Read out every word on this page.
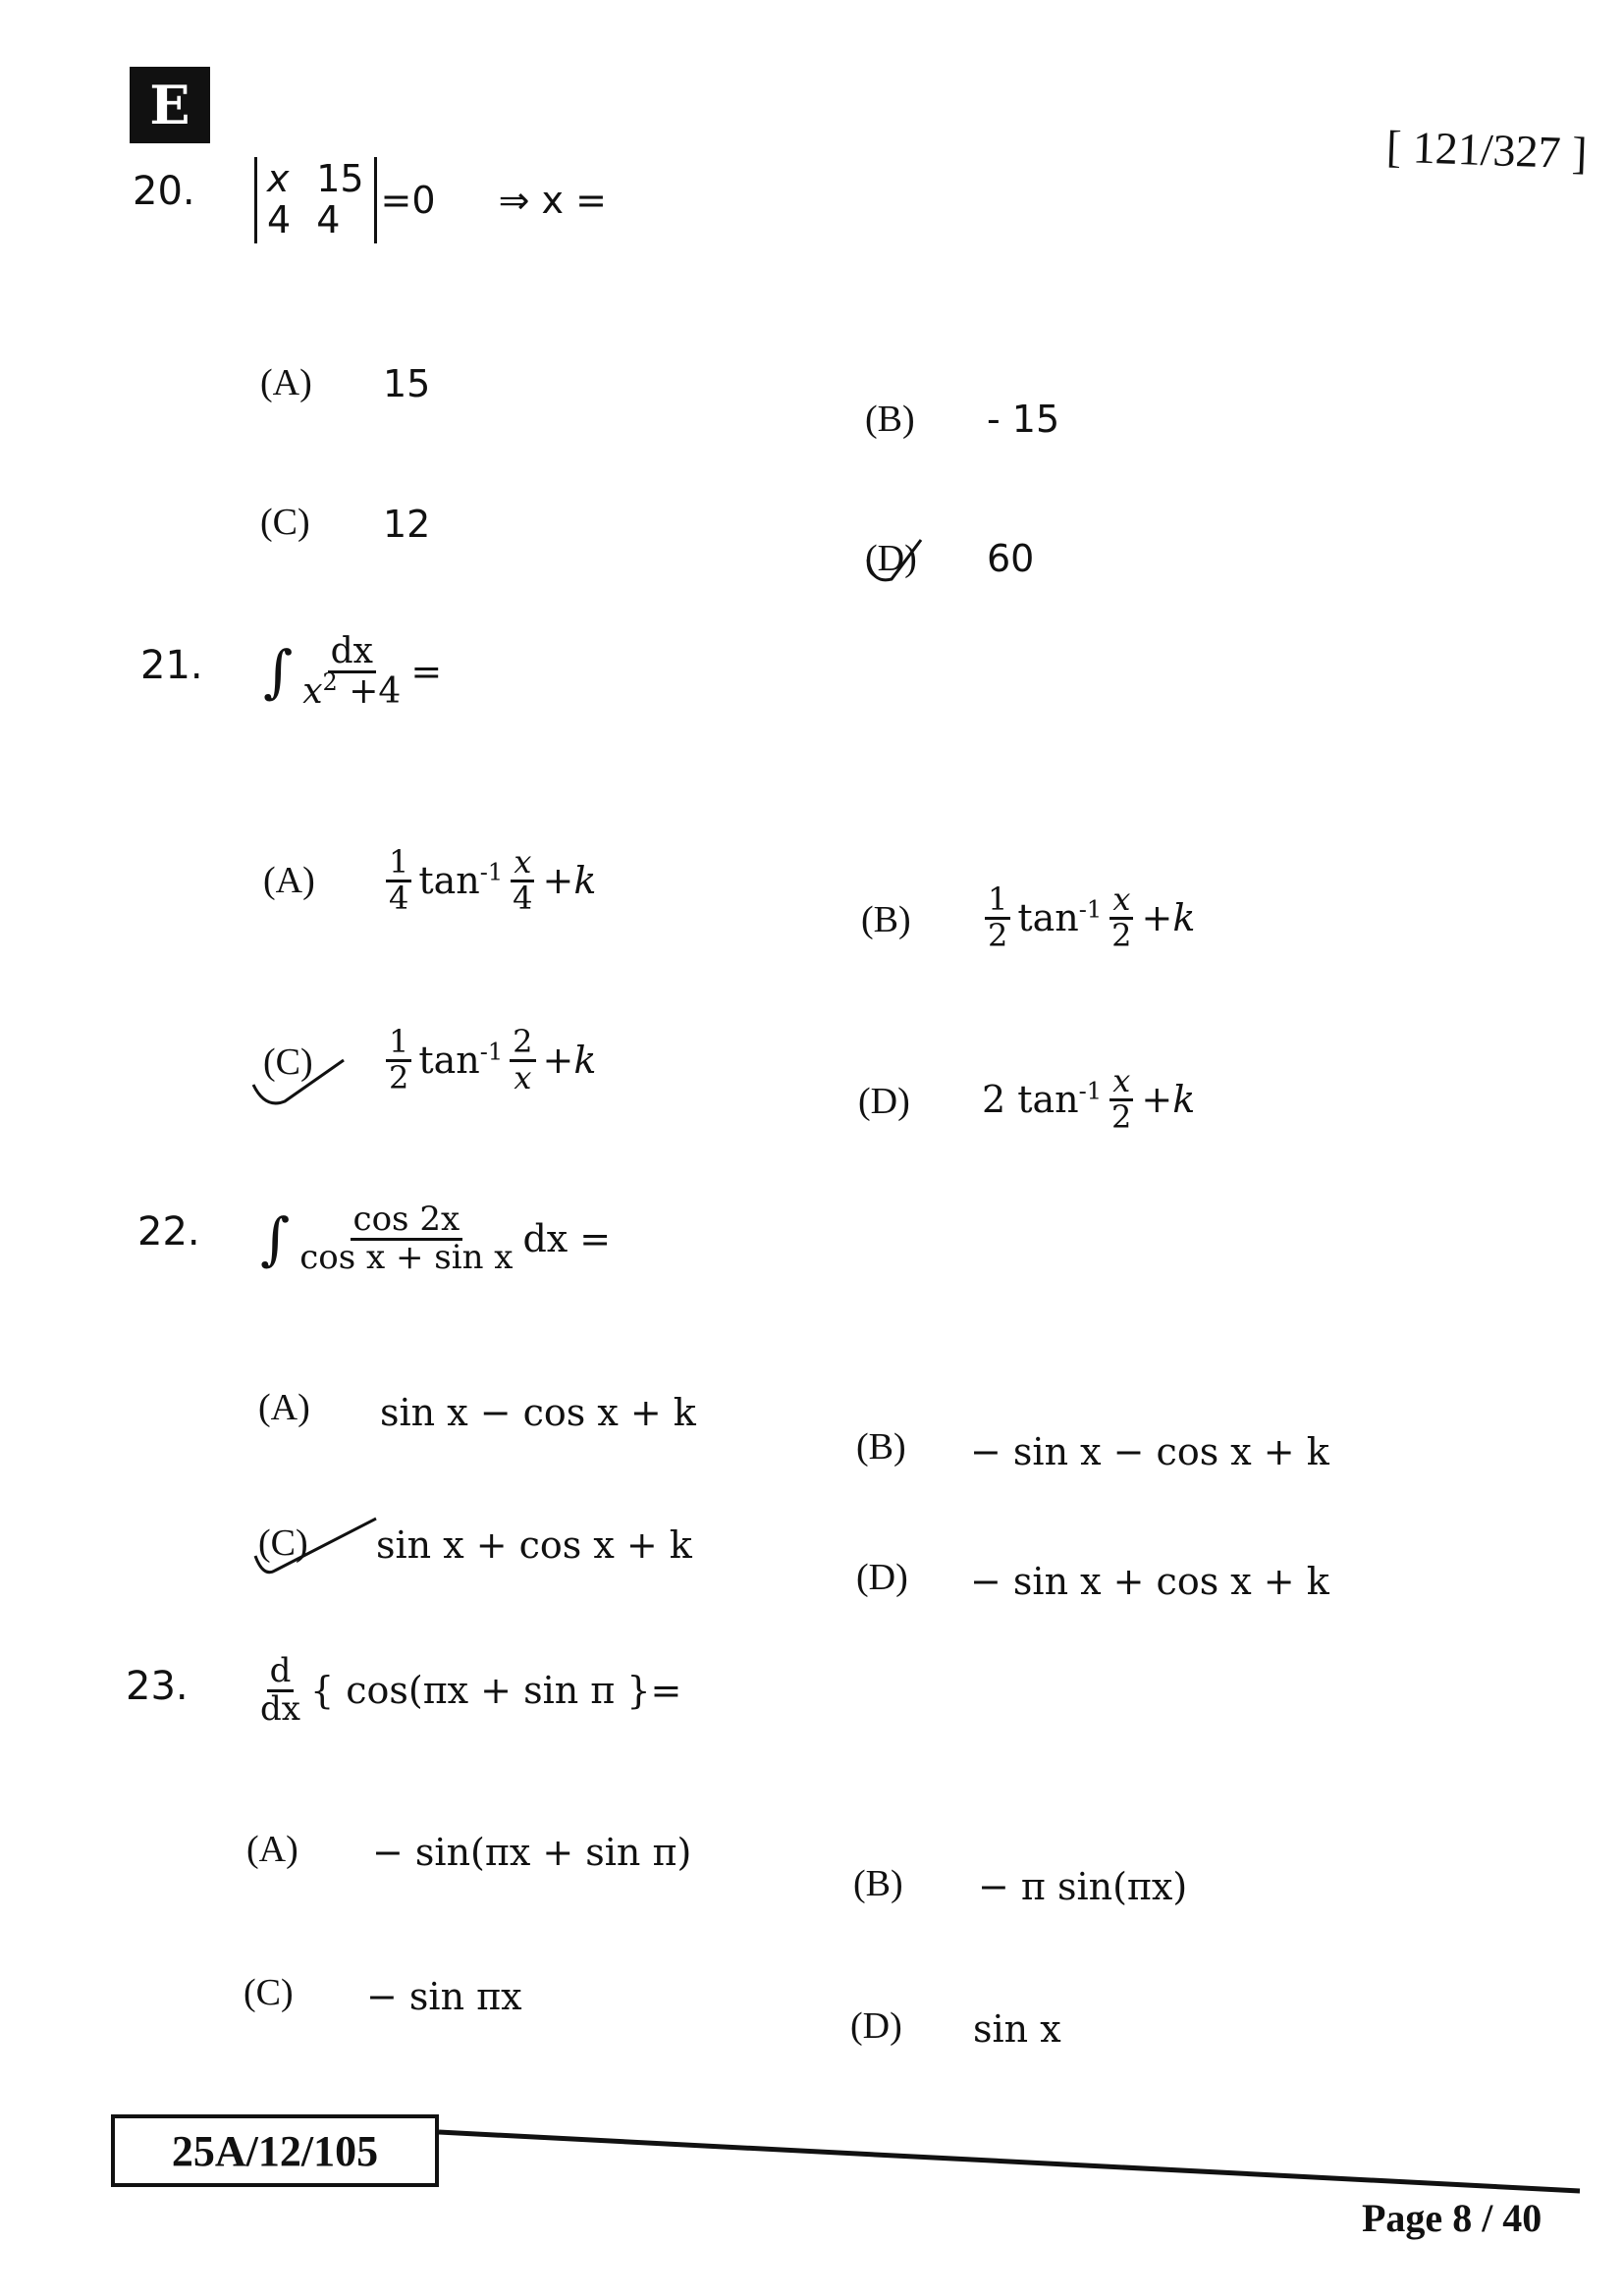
E
[ 121/327 ]
20. x 15
4 4	=0 ⇒ x =
(A) 15
(B) - 15
(C) 12
(D) 60
21. ∫ $\frac{dx}{x^2 +4}$ =
$(A) \frac{1}{4} \tan^{-1} \frac{x}{4} +k$
$(B) \frac{1}{2} \tan^{-1} \frac{x}{2} +k$
$(C) \frac{1}{2} \tan^{-1} \frac{2}{x} +k$
(D) 2 $\tan^{-1} \frac{x}{2} +k$
22. ∫ $\frac{\cos 2x}{\text{cos x + sin x}}$ dx =
(A) sin x − cos x + k
(B) − sin x − cos x + k
(C) sin x + cos x + k
(D) − sin x + cos x + k
23. $\frac{d}{dx}$ { cos(πx + sin π }=
(A) − sin(πx + sin π)
(B) − π sin(πx)
(C) − sin πx
(D) sin x
25A/12/105
Page 8 / 40
